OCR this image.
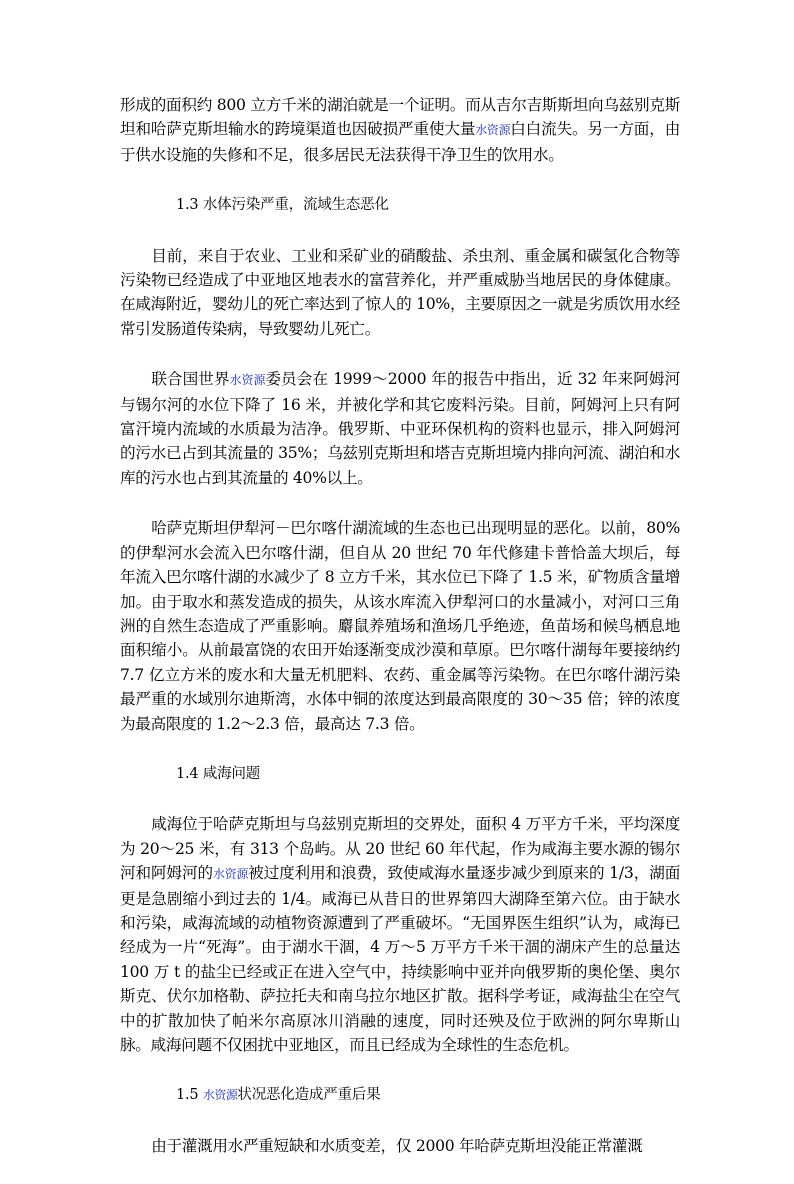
形成的面积约 800 立方千米的湖泊就是一个证明。而从吉尔吉斯斯坦向乌兹别克斯坦和哈萨克斯坦输水的跨境渠道也因破损严重使大量水资源白白流失。另一方面，由于供水设施的失修和不足，很多居民无法获得干净卫生的饮用水。

1.3 水体污染严重，流域生态恶化

目前，来自于农业、工业和采矿业的硝酸盐、杀虫剂、重金属和碳氢化合物等污染物已经造成了中亚地区地表水的富营养化，并严重威胁当地居民的身体健康。在咸海附近，婴幼儿的死亡率达到了惊人的 10%，主要原因之一就是劣质饮用水经常引发肠道传染病，导致婴幼儿死亡。

联合国世界水资源委员会在 1999～2000 年的报告中指出，近 32 年来阿姆河与锡尔河的水位下降了 16 米，并被化学和其它废料污染。目前，阿姆河上只有阿富汗境内流域的水质最为洁净。俄罗斯、中亚环保机构的资料也显示，排入阿姆河的污水已占到其流量的 35%；乌兹别克斯坦和塔吉克斯坦境内排向河流、湖泊和水库的污水也占到其流量的 40%以上。

哈萨克斯坦伊犁河－巴尔喀什湖流域的生态也已出现明显的恶化。以前，80%的伊犁河水会流入巴尔喀什湖，但自从 20 世纪 70 年代修建卡普恰盖大坝后，每年流入巴尔喀什湖的水减少了 8 立方千米，其水位已下降了 1.5 米，矿物质含量增加。由于取水和蒸发造成的损失，从该水库流入伊犁河口的水量减小，对河口三角洲的自然生态造成了严重影响。麝鼠养殖场和渔场几乎绝迹，鱼苗场和候鸟栖息地面积缩小。从前最富饶的农田开始逐渐变成沙漠和草原。巴尔喀什湖每年要接纳约 7.7 亿立方米的废水和大量无机肥料、农药、重金属等污染物。在巴尔喀什湖污染最严重的水域別尔迪斯湾，水体中铜的浓度达到最高限度的 30～35 倍；锌的浓度为最高限度的 1.2～2.3 倍，最高达 7.3 倍。

1.4 咸海问题

咸海位于哈萨克斯坦与乌兹别克斯坦的交界处，面积 4 万平方千米，平均深度为 20～25 米，有 313 个岛屿。从 20 世纪 60 年代起，作为咸海主要水源的锡尔河和阿姆河的水资源被过度利用和浪费，致使咸海水量逐步减少到原来的 1/3，湖面更是急剧缩小到过去的 1/4。咸海已从昔日的世界第四大湖降至第六位。由于缺水和污染，咸海流域的动植物资源遭到了严重破坏。“无国界医生组织”认为，咸海已经成为一片“死海”。由于湖水干涸，4 万～5 万平方千米干涸的湖床产生的总量达 100 万 t 的盐尘已经或正在进入空气中，持续影响中亚并向俄罗斯的奥伦堡、奥尔斯克、伏尔加格勒、萨拉托夫和南乌拉尔地区扩散。据科学考证，咸海盐尘在空气中的扩散加快了帕米尔高原冰川消融的速度，同时还殃及位于欧洲的阿尔卑斯山脉。咸海问题不仅困扰中亚地区，而且已经成为全球性的生态危机。

1.5 水资源状况恶化造成严重后果

由于灌溉用水严重短缺和水质变差，仅 2000 年哈萨克斯坦没能正常灌溉
